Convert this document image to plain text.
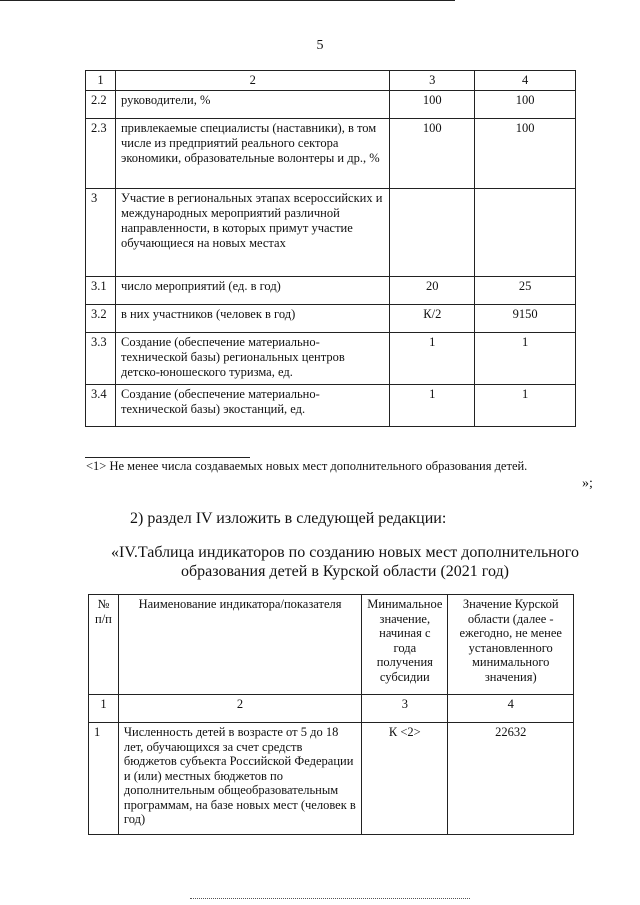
5
1	2	3	4
2.2	руководители, %	100	100
2.3	привлекаемые специалисты (наставники), в том числе из предприятий реального сектора экономики, образовательные волонтеры и др., %	100	100
3	Участие в региональных этапах всероссийских и международных мероприятий различной направленности, в которых примут участие обучающиеся на новых местах		
3.1	число мероприятий (ед. в год)	20	25
3.2	в них участников (человек в год)	К/2	9150
3.3	Создание (обеспечение материально-технической базы) региональных центров детско-юношеского туризма, ед.	1	1
3.4	Создание (обеспечение материально-технической базы) экостанций, ед.	1	1
<1> Не менее числа создаваемых новых мест дополнительного образования детей.
»;
2) раздел IV изложить в следующей редакции:
«IV.Таблица индикаторов по созданию новых мест дополнительного
образования детей в Курской области (2021 год)
№ п/п	Наименование индикатора/показателя	Минимальное значение, начиная с года получения субсидии	Значение Курской области (далее - ежегодно, не менее установленного минимального значения)
1	2	3	4
1	Численность детей в возрасте от 5 до 18 лет, обучающихся за счет средств бюджетов субъекта Российской Федерации и (или) местных бюджетов по дополнительным общеобразовательным программам, на базе новых мест (человек в год)	К <2>	22632
